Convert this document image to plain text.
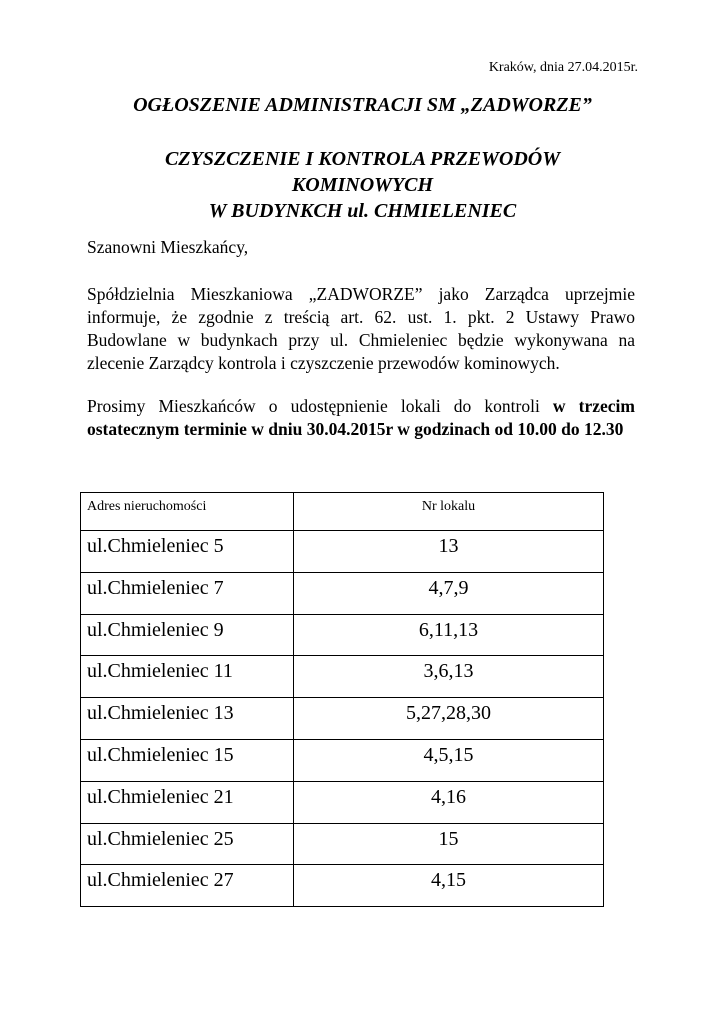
Kraków, dnia 27.04.2015r.
OGŁOSZENIE ADMINISTRACJI SM „ZADWORZE”
CZYSZCZENIE I KONTROLA PRZEWODÓW
KOMINOWYCH
W BUDYNKCH ul. CHMIELENIEC
Szanowni Mieszkańcy,
Spółdzielnia Mieszkaniowa „ZADWORZE” jako Zarządca uprzejmie informuje, że zgodnie z treścią art. 62. ust. 1. pkt. 2 Ustawy Prawo Budowlane w budynkach przy ul. Chmieleniec będzie wykonywana na zlecenie Zarządcy kontrola i czyszczenie przewodów kominowych.
Prosimy Mieszkańców o udostępnienie lokali do kontroli w trzecim ostatecznym terminie w dniu 30.04.2015r w godzinach od 10.00 do 12.30
Adres nieruchomości	Nr lokalu
ul.Chmieleniec 5	13
ul.Chmieleniec 7	4,7,9
ul.Chmieleniec 9	6,11,13
ul.Chmieleniec 11	3,6,13
ul.Chmieleniec 13	5,27,28,30
ul.Chmieleniec 15	4,5,15
ul.Chmieleniec 21	4,16
ul.Chmieleniec 25	15
ul.Chmieleniec 27	4,15
